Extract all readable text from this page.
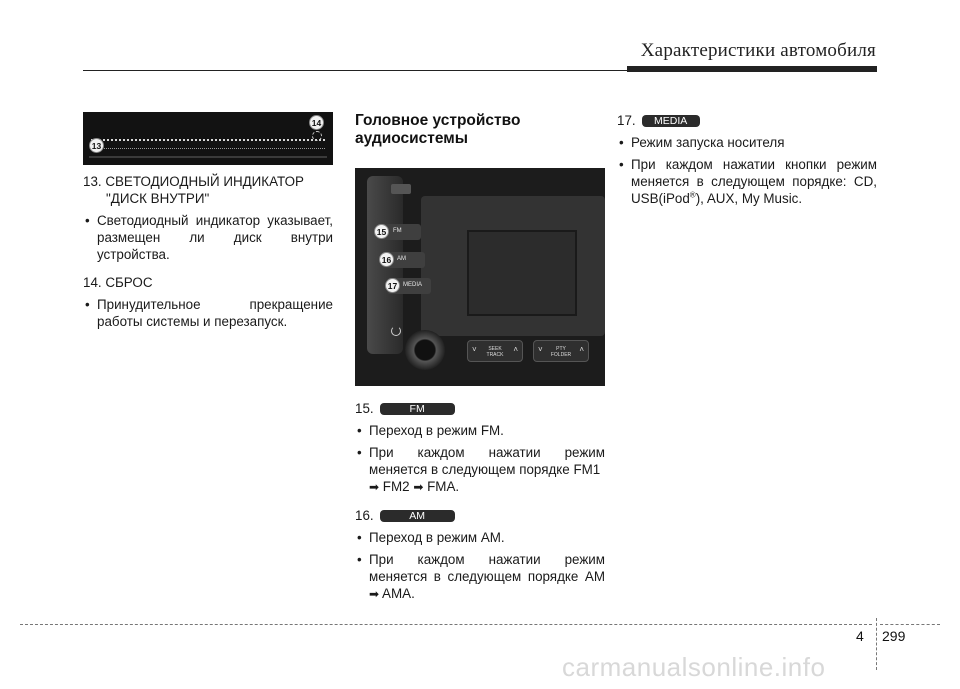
Характеристики автомобиля
13
14
13. СВЕТОДИОДНЫЙ ИНДИКАТОР
"ДИСК ВНУТРИ"
• Светодиодный индикатор указывает, размещен ли диск внутри устройства.
14. СБРОС
• Принудительное прекращение работы системы и перезапуск.
Головное устройство
аудиосистемы
FM
AM
MEDIA
15
16
17
˅	SEEK
TRACK
˄	˅	PTY
FOLDER
˄
15.	FM
• Переход в режим FM.
• При каждом нажатии режим меняется в следующем порядке FM1
➡ FM2 ➡ FMA.
16.	AM
• Переход в режим AM.
• При каждом нажатии режим меняется в следующем порядке AM ➡ AMA.
17.	MEDIA
• Режим запуска носителя
• При каждом нажатии кнопки режим меняется в следующем порядке: CD, USB(iPod®), AUX, My Music.
4 299
carmanualsonline.info
